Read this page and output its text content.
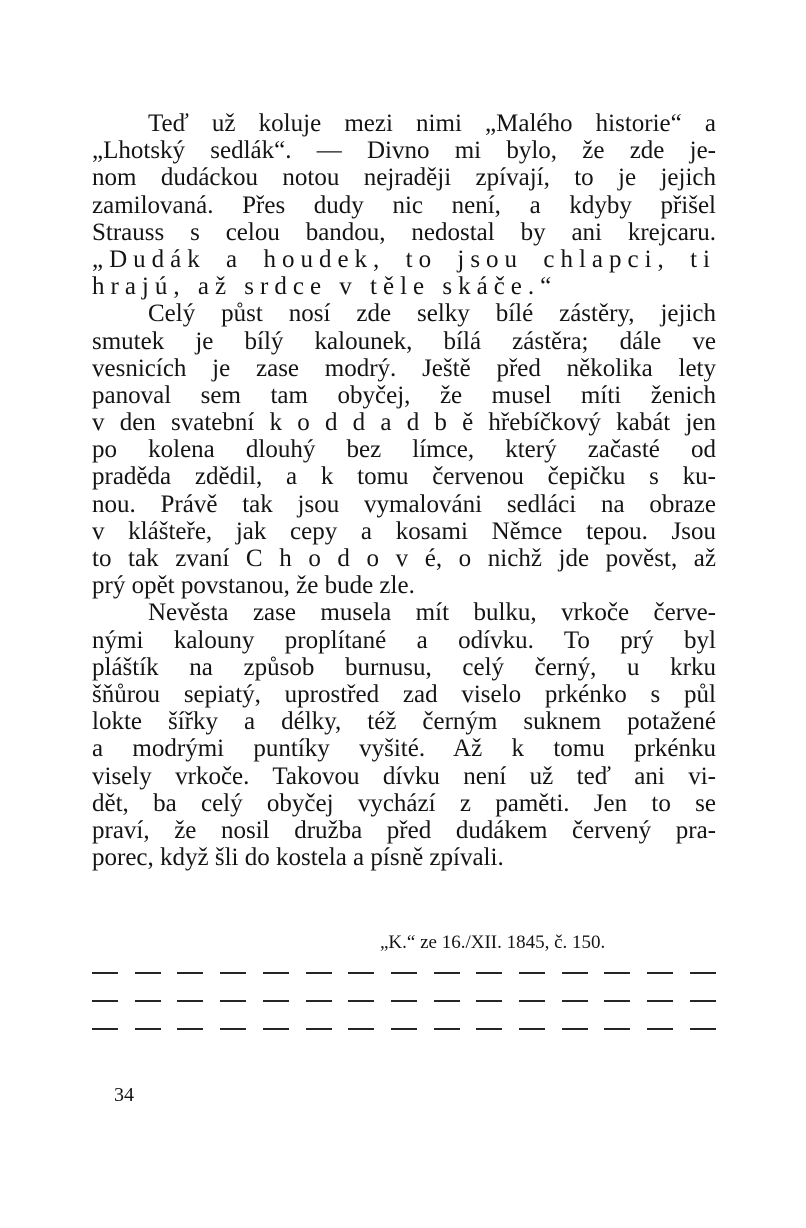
Teď už koluje mezi nimi „Malého historie“ a
„Lhotský sedlák“. — Divno mi bylo, že zde je-
nom dudáckou notou nejraději zpívají, to je jejich
zamilovaná. Přes dudy nic není, a kdyby přišel
Strauss s celou bandou, nedostal by ani krejcaru.
„Dudák a houdek, to jsou chlapci, ti
hrajú, až srdce v těle skáče.“
Celý půst nosí zde selky bílé zástěry, jejich
smutek je bílý kalounek, bílá zástěra; dále ve
vesnicích je zase modrý. Ještě před několika lety
panoval sem tam obyčej, že musel míti ženich
v den svatební k o d d a d b ě hřebíčkový kabát jen
po kolena dlouhý bez límce, který začasté od
praděda zdědil, a k tomu červenou čepičku s ku-
nou. Právě tak jsou vymalováni sedláci na obraze
v klášteře, jak cepy a kosami Němce tepou. Jsou
to tak zvaní C h o d o v é, o nichž jde pověst, až
prý opět povstanou, že bude zle.
Nevěsta zase musela mít bulku, vrkoče červe-
nými kalouny proplítané a odívku. To prý byl
pláštík na způsob burnusu, celý černý, u krku
šňůrou sepiatý, uprostřed zad viselo prkénko s půl
lokte šířky a délky, též černým suknem potažené
a modrými puntíky vyšité. Až k tomu prkénku
visely vrkoče. Takovou dívku není už teď ani vi-
dět, ba celý obyčej vychází z paměti. Jen to se
praví, že nosil družba před dudákem červený pra-
porec, když šli do kostela a písně zpívali.
„K.“ ze 16./XII. 1845, č. 150.
34
